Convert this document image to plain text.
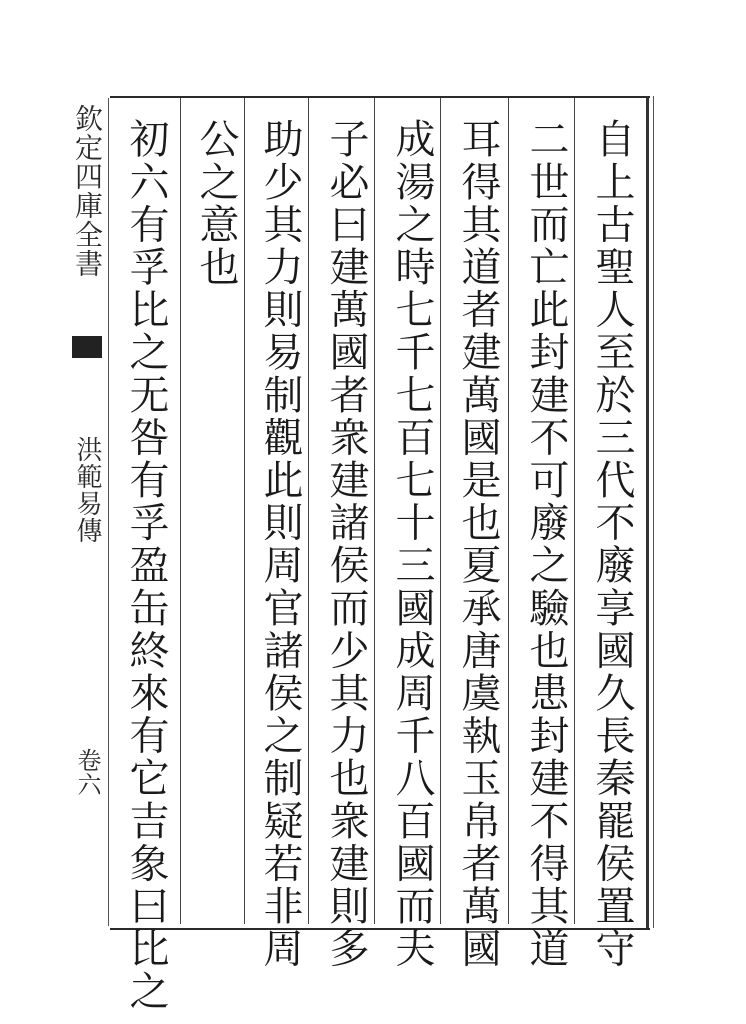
欽定四庫全書
洪範易傳
卷六	自上古聖人至於三代不廢享國久長秦罷侯置守
二世而亡此封建不可廢之驗也患封建不得其道
耳得其道者建萬國是也夏承唐虞執玉帛者萬國
成湯之時七千七百七十三國成周千八百國而夫
子必曰建萬國者衆建諸侯而少其力也衆建則多
助少其力則易制觀此則周官諸侯之制疑若非周
公之意也
初六有孚比之无咎有孚盈缶終來有它吉象曰比之
